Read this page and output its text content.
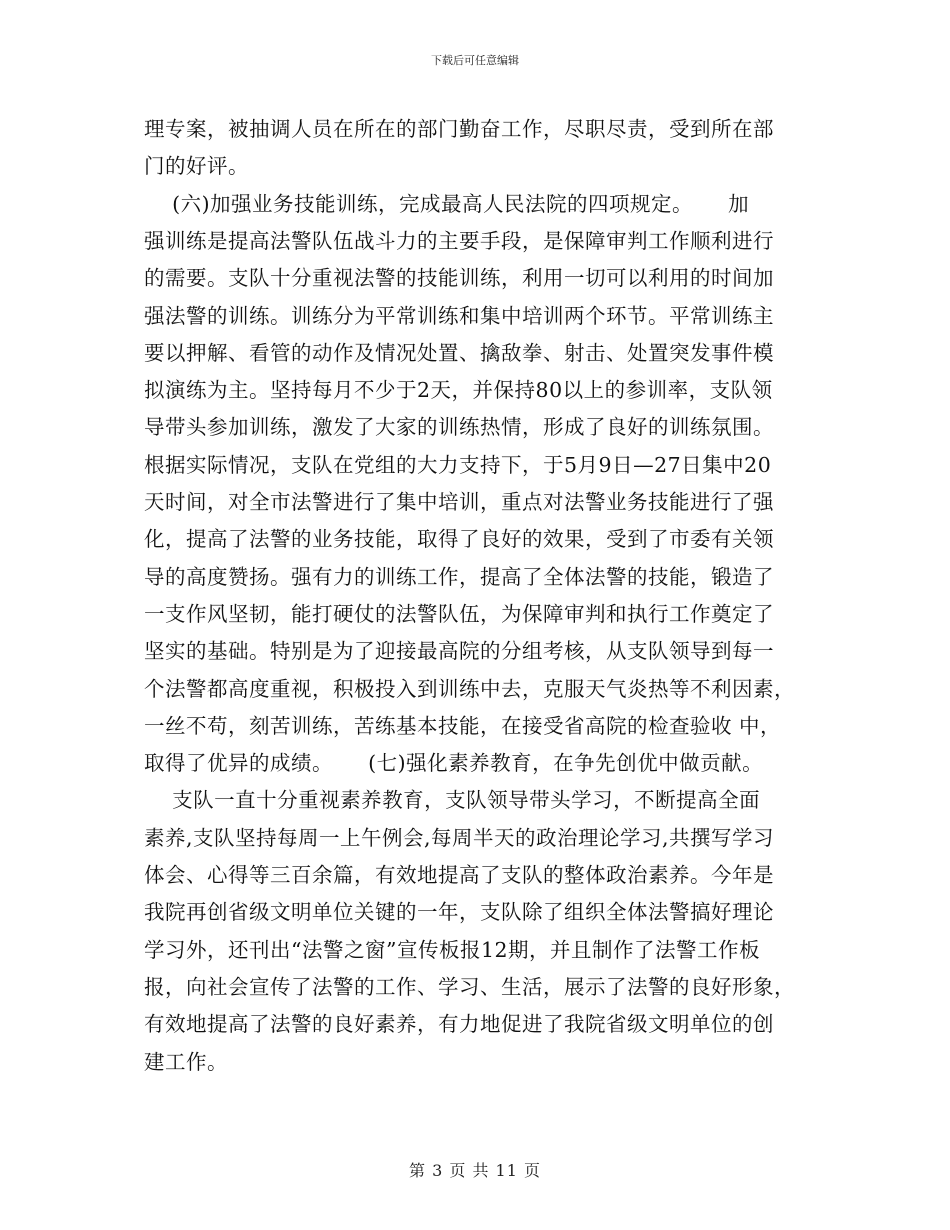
下载后可任意编辑
理专案，被抽调人员在所在的部门勤奋工作，尽职尽责，受到所在部
门的好评。
(六)加强业务技能训练，完成最高人民法院的四项规定。     加
强训练是提高法警队伍战斗力的主要手段，是保障审判工作顺利进行
的需要。支队十分重视法警的技能训练，利用一切可以利用的时间加
强法警的训练。训练分为平常训练和集中培训两个环节。平常训练主
要以押解、看管的动作及情况处置、擒敌拳、射击、处置突发事件模
拟演练为主。坚持每月不少于2天，并保持80以上的参训率，支队领
导带头参加训练，激发了大家的训练热情，形成了良好的训练氛围。
根据实际情况，支队在党组的大力支持下，于5月9日—27日集中20
天时间，对全市法警进行了集中培训，重点对法警业务技能进行了强
化，提高了法警的业务技能，取得了良好的效果，受到了市委有关领
导的高度赞扬。强有力的训练工作，提高了全体法警的技能，锻造了
一支作风坚韧，能打硬仗的法警队伍，为保障审判和执行工作奠定了
坚实的基础。特别是为了迎接最高院的分组考核，从支队领导到每一
个法警都高度重视，积极投入到训练中去，克服天气炎热等不利因素，
一丝不苟，刻苦训练，苦练基本技能，在接受省高院的检查验收 中，
取得了优异的成绩。     (七)强化素养教育，在争先创优中做贡献。
支队一直十分重视素养教育，支队领导带头学习，不断提高全面
素养,支队坚持每周一上午例会,每周半天的政治理论学习,共撰写学习
体会、心得等三百余篇，有效地提高了支队的整体政治素养。今年是
我院再创省级文明单位关键的一年，支队除了组织全体法警搞好理论
学习外，还刊出“法警之窗”宣传板报12期，并且制作了法警工作板
报，向社会宣传了法警的工作、学习、生活，展示了法警的良好形象，
有效地提高了法警的良好素养，有力地促进了我院省级文明单位的创
建工作。
第 3 页 共 11 页
